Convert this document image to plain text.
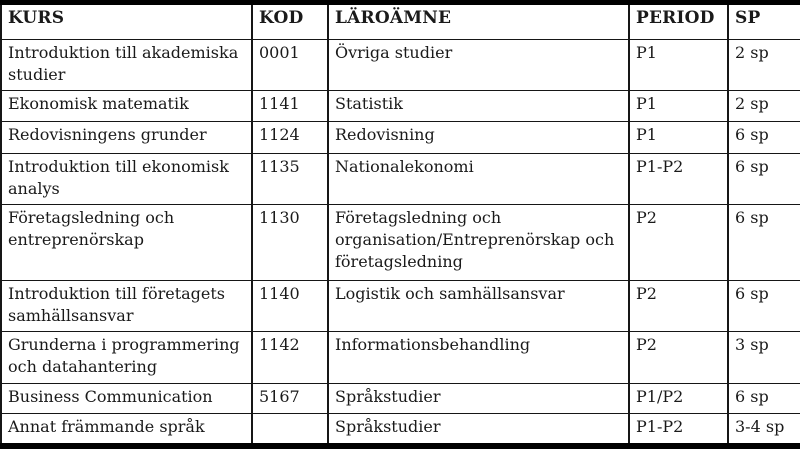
KURS	KOD	LÄROÄMNE	PERIOD	SP
Introduktion till akademiska studier	0001	Övriga studier	P1	2 sp
Ekonomisk matematik	1141	Statistik	P1	2 sp
Redovisningens grunder	1124	Redovisning	P1	6 sp
Introduktion till ekonomisk analys	1135	Nationalekonomi	P1-P2	6 sp
Företagsledning och entreprenörskap	1130	Företagsledning och organisation/Entreprenörskap och företagsledning	P2	6 sp
Introduktion till företagets samhällsansvar	1140	Logistik och samhällsansvar	P2	6 sp
Grunderna i programmering och datahantering	1142	Informationsbehandling	P2	3 sp
Business Communication	5167	Språkstudier	P1/P2	6 sp
Annat främmande språk		Språkstudier	P1-P2	3-4 sp
